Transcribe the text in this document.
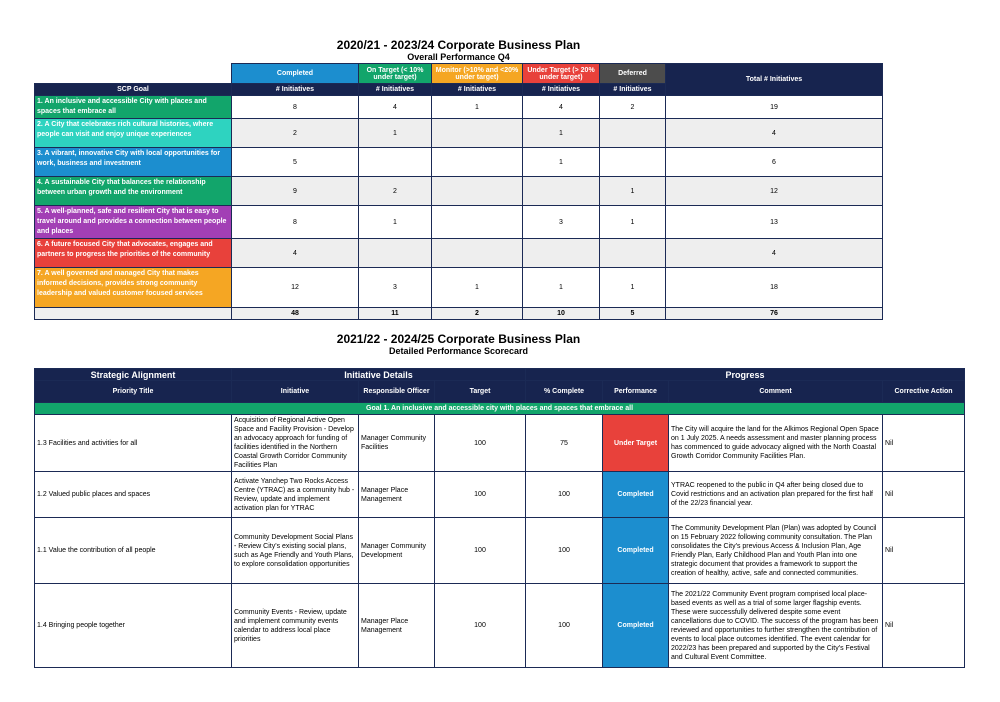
2020/21 - 2023/24 Corporate Business Plan
Overall Performance Q4
	Completed	On Target (< 10% under target)	Monitor (>10% and <20% under target)	Under Target (> 20% under target)	Deferred	Total # Initiatives
SCP Goal	# Initiatives	# Initiatives	# Initiatives	# Initiatives	# Initiatives	
1. An inclusive and accessible City with places and spaces that embrace all	8	4	1	4	2	19
2. A City that celebrates rich cultural histories, where people can visit and enjoy unique experiences	2	1		1		4
3. A vibrant, innovative City with local opportunities for work, business and investment	5			1		6
4. A sustainable City that balances the relationship between urban growth and the environment	9	2			1	12
5. A well-planned, safe and resilient City that is easy to travel around and provides a connection between people and places	8	1		3	1	13
6. A future focused City that advocates, engages and partners to progress the priorities of the community	4					4
7. A well governed and managed City that makes informed decisions, provides strong community leadership and valued customer focused services	12	3	1	1	1	18
	48	11	2	10	5	76
2021/22 - 2024/25 Corporate Business Plan
Detailed Performance Scorecard
Strategic Alignment	Initiative Details			Progress			
Priority Title	Initiative	Responsible Officer	Target	% Complete	Performance	Comment	Corrective Action
Goal 1. An inclusive and accessible city with places and spaces that embrace all							
1.3 Facilities and activities for all	Acquisition of Regional Active Open Space and Facility Provision - Develop an advocacy approach for funding of facilities identified in the Northern Coastal Growth Corridor Community Facilities Plan	Manager Community Facilities	100	75	Under Target	The City will acquire the land for the Alkimos Regional Open Space on 1 July 2025. A needs assessment and master planning process has commenced to guide advocacy aligned with the North Coastal Growth Corridor Community Facilities Plan.	Nil
1.2 Valued public places and spaces	Activate Yanchep Two Rocks Access Centre (YTRAC) as a community hub - Review, update and implement activation plan for YTRAC	Manager Place Management	100	100	Completed	YTRAC reopened to the public in Q4 after being closed due to Covid restrictions and an activation plan prepared for the first half of the 22/23 financial year.	Nil
1.1 Value the contribution of all people	Community Development Social Plans - Review City's existing social plans, such as Age Friendly and Youth Plans, to explore consolidation opportunities	Manager Community Development	100	100	Completed	The Community Development Plan (Plan) was adopted by Council on 15 February 2022 following community consultation. The Plan consolidates the City's previous Access & Inclusion Plan, Age Friendly Plan, Early Childhood Plan and Youth Plan into one strategic document that provides a framework to support the creation of healthy, active, safe and connected communities.	Nil
1.4 Bringing people together	Community Events - Review, update and implement community events calendar to address local place priorities	Manager Place Management	100	100	Completed	The 2021/22 Community Event program comprised local place-based events as well as a trial of some larger flagship events. These were successfully delivered despite some event cancellations due to COVID. The success of the program has been reviewed and opportunities to further strengthen the contribution of events to local place outcomes identified. The event calendar for 2022/23 has been prepared and supported by the City's Festival and Cultural Event Committee.	Nil
